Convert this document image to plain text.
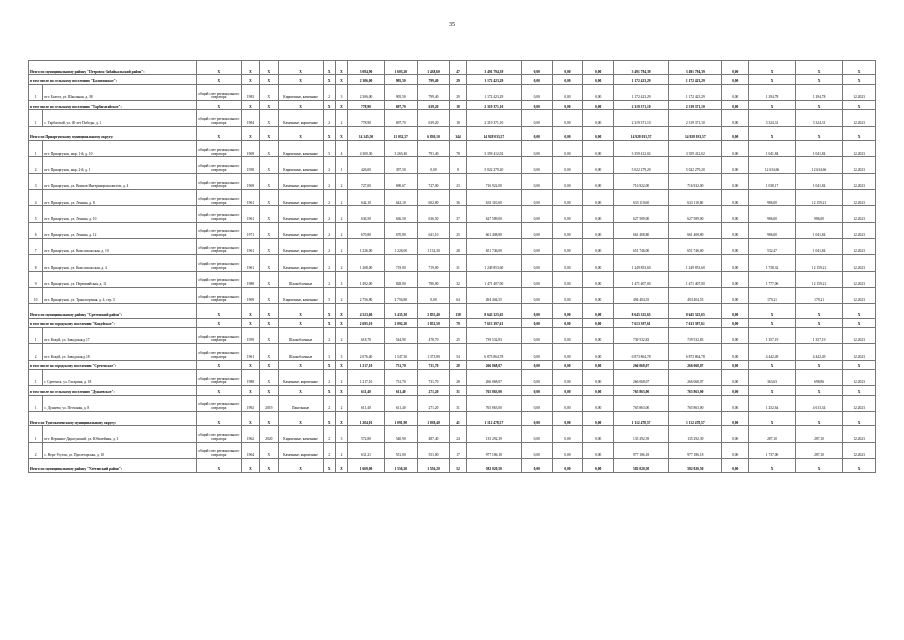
35
Итого по муниципальному району "Петровск-Забайкальский район":		Х	Х	Х	Х	Х	Х	3 084,90	1 603,20	1 438,60	47	3 491 794,39	0,00	0,00	0,00	3 491 794,39	3 491 794,39	0,00	Х	Х	Х
в том числе по сельскому поселению "Балягинское":		Х	Х	Х	Х	Х	Х	2 306,00	905,50	799,40	29	1 172 423,29	0,00	0,00	0,00	1 172 423,29	1 172 423,29	0,00	Х	Х	Х
1	пгт. Балега, ул. Школьная, д. 38	общий счет регионального оператора	1983	Х	Кирпичные, каменные	2	3	2 306,00	905,50	799,40	29	1 172 423,29	0,00	0,00	0,00	1 172 423,29	1 172 423,29	0,00	1 294,78	1 294,78	12.2023
в том числе по сельскому поселению "Тарбагатайское":		Х	Х	Х	Х	Х	Х	778,90	697,70	639,20	18	2 319 371,10	0,00	0,00	0,00	2 319 371,10	2 319 371,10	0,00	Х	Х	Х
1	с. Тарбагатай, ул. 40 лет Победы, д. 1	общий счет регионального оператора	1984	Х	Каменные, кирпичные	2	2	778,90	697,70	639,20	18	2 319 371,10	0,00	0,00	0,00	2 319 371,10	2 319 371,10	0,00	3 324,31	3 324,31	12.2023
Итого по Приаргунскому муниципальному округу:		Х	Х	Х	Х	Х	Х	14 145,50	11 032,57	6 830,10	344	14 928 033,57	0,00	0,00	0,00	14 928 033,57	14 928 033,57	0,00	Х	Х	Х
1	пгт. Приаргунск, мкр. 1-й, д. 10	общий счет регионального оператора	1969	Х	Кирпичные, каменные	5	4	4 300,30	3 265,40	791,40	78	3 359 412,02	0,00	0,00	0,00	3 359 412,02	3 359 412,02	0,00	1 041,84	1 041,84	12.2023
2	пгт. Приаргунск, мкр. 2-й, д. 1	общий счет регионального оператора	1958	Х	Кирпичные, каменные	2	1	426,00	397,50	0,00	8	5 022 279,20	0,00	0,00	0,00	5 022 279,20	5 022 279,20	0,00	12 634,66	12 634,66	12.2023
3	пгт. Приаргунск, ул. Воинов Интернационалистов, д. 4	общий счет регионального оператора	1969	Х	Каменные, кирпичные	2	2	727,00	690,67	727,00	23	716 922,00	0,00	0,00	0,00	716 922,00	716 922,00	0,00	1 038,17	1 041,84	12.2023
4	пгт. Приаргунск, ул. Ленина, д. 8	общий счет регионального оператора	1961	Х	Каменные, кирпичные	2	2	642,10	642,10	602,80	36	633 110,60	0,00	0,00	0,00	633 110,60	633 110,60	0,00	986,00	12 159,21	12.2023
5	пгт. Приаргунск, ул. Ленина, д. 10	общий счет регионального оператора	1961	Х	Каменные, кирпичные	2	2	636,50	636,50	636,50	37	627 589,00	0,00	0,00	0,00	627 589,00	627 589,00	0,00	986,00	986,00	12.2023
6	пгт. Приаргунск, ул. Ленина, д. 12	общий счет регионального оператора	1971	Х	Каменные, кирпичные	2	2	670,80	670,80	641,10	25	661 408,80	0,00	0,00	0,00	661 408,80	661 408,80	0,00	986,00	1 041,84	12.2023
7	пгт. Приаргунск, ул. Комсомольская, д. 10	общий счет регионального оператора	1961	Х	Каменные, кирпичные	2	2	1 226,00	1 226,00	1 132,30	28	651 746,00	0,00	0,00	0,00	651 746,00	651 746,00	0,00	532,47	1 041,84	12.2023
8	пгт. Приаргунск, ул. Комсомольская, д. 4	общий счет регионального оператора	1961	Х	Каменные, кирпичные	2	2	1 268,00	719,00	719,00	31	1 249 853,60	0,00	0,00	0,00	1 249 853,60	1 249 853,60	0,00	1 738,32	12 159,21	12.2023
9	пгт. Приаргунск, ул. Первомайская, д. 11	общий счет регионального оператора	1988	Х	Шлакоблочные	2	3	1 492,00	828,00	780,00	32	1 471 407,00	0,00	0,00	0,00	1 471 407,00	1 471 407,00	0,00	1 777,06	12 159,21	12.2023
10	пгт. Приаргунск, ул. Транспортная, д. 4, стр. 5	общий счет регионального оператора	1969	Х	Кирпичные, каменные	5	2	2 756,80	2 756,80	0,00	64	494 404,55	0,00	0,00	0,00	494 404,55	494 404,55	0,00	179,21	179,21	12.2023
Итого по муниципальному району "Сретенский район":		Х	Х	Х	Х	Х	Х	4 523,60	3 435,30	2 855,40	138	8 645 325,65	0,00	0,00	0,00	8 645 325,65	8 645 325,65	0,00	Х	Х	Х
в том числе по городскому поселению "Кокуйское":		Х	Х	Х	Х	Х	Х	2 695,10	2 092,20	1 852,50	79	7 613 397,61	0,00	0,00	0,00	7 613 397,61	7 613 397,61	0,00	Х	Х	Х
1	пгт. Кокуй, ул. Заводская,д.17	общий счет регионального оператора	1959	Х	Шлакоблочные	2	2	618,70	544,90	478,70	25	739 532,83	0,00	0,00	0,00	739 532,83	739 532,83	0,00	1 357,19	1 357,19	12.2023
2	пгт. Кокуй, ул. Заводская,д.18	общий счет регионального оператора	1961	Х	Шлакоблочные	3	3	2 076,40	1 547,30	1 373,80	54	6 873 864,78	0,00	0,00	0,00	6 873 864,78	6 873 864,78	0,00	4 442,49	4 442,49	12.2023
в том числе по городскому поселению "Сретенское":		Х	Х	Х	Х	Х	Х	1 217,10	731,70	731,70	28	266 068,07	0,00	0,00	0,00	266 068,07	266 068,07	0,00	Х	Х	Х
1	г. Сретенск, ул. Гагарина, д. 18	общий счет регионального оператора	1988	Х	Каменные, кирпичные	2	2	1 217,10	731,70	731,70	28	266 068,07	0,00	0,00	0,00	266 068,07	266 068,07	0,00	363,63	698,86	12.2023
в том числе по сельскому поселению "Дунаевское":		Х	Х	Х	Х	Х	Х	611,40	611,40	271,20	31	765 863,00	0,00	0,00	0,00	765 863,00	765 863,00	0,00	Х	Х	Х
1	с. Дунаево, ул. Песчаная, д. 8	общий счет регионального оператора	1992	2019	Панельные	2	2	611,40	611,40	271,20	31	765 863,00	0,00	0,00	0,00	765 863,00	765 863,00	0,00	1 252,64	4 613,34	12.2023
Итого по Тунгокоченскому муниципальному округу:		Х	Х	Х	Х	Х	Х	1 204,01	1 091,90	1 038,40	41	1 112 478,57	0,00	0,00	0,00	1 112 478,57	1 112 478,57	0,00	Х	Х	Х
1	пгт. Вершино-Дарасунский, ул. Юбилейная, д. 3	общий счет регионального оператора	1962	2020	Кирпичные, каменные	2	3	572,80	540,90	487,40	24	135 292,39	0,00	0,00	0,00	135 292,39	135 292,39	0,00	287,10	287,10	12.2023
2	с. Верх-Усугли, ул. Пролетарская, д. 10	общий счет регионального оператора	1964	Х	Каменные, кирпичные	2	2	631,21	551,00	551,00	17	977 186,18	0,00	0,00	0,00	977 186,18	977 186,18	0,00	1 737,00	287,10	12.2023
Итого по муниципальному району "Улётовский район":		Х	Х	Х	Х	Х	Х	1 669,00	1 556,20	1 556,20	52	582 020,50	0,00	0,00	0,00	582 020,50	582 020,50	0,00	Х	Х	Х
